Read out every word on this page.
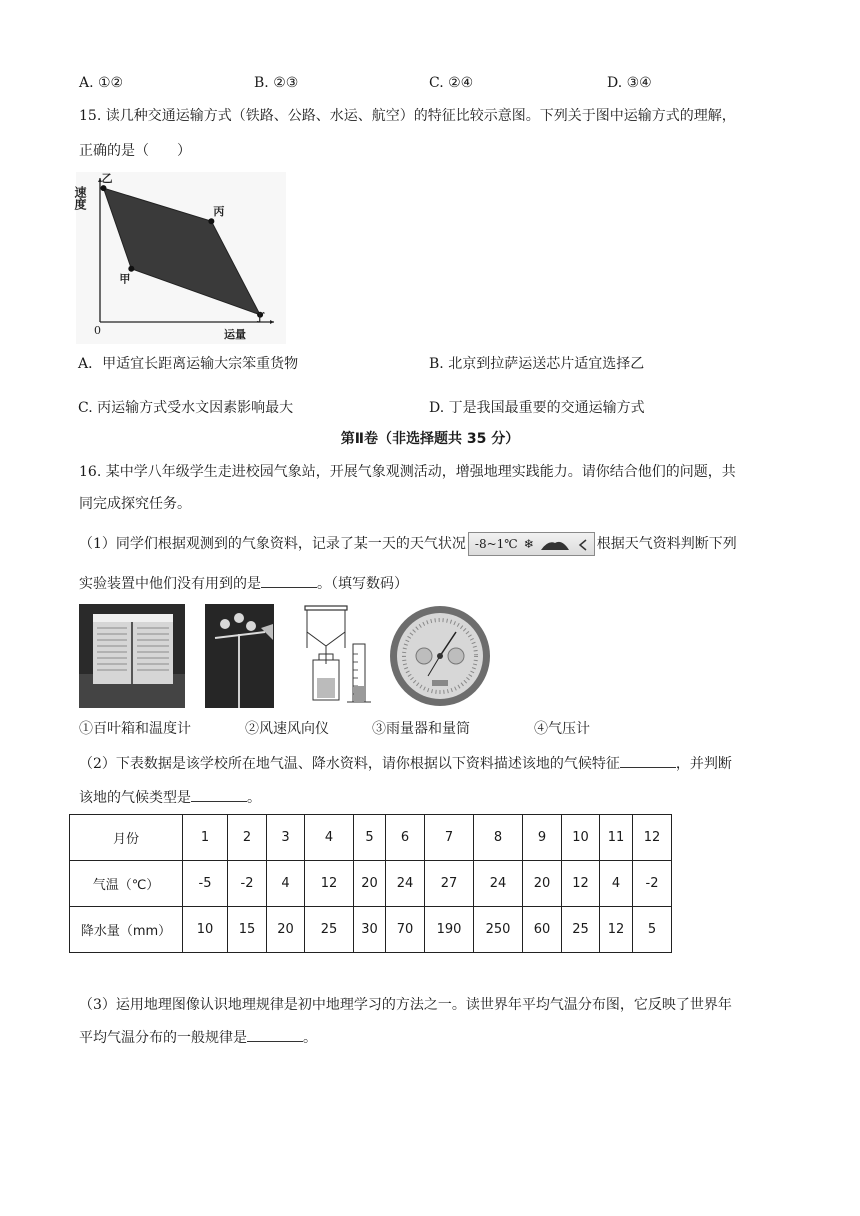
A. ①②	B. ②③	C. ②④	D. ③④
15. 读几种交通运输方式（铁路、公路、水运、航空）的特征比较示意图。下列关于图中运输方式的理解，
正确的是（　　）
乙
丙
甲
丁
速度
运量
0
A．甲适宜长距离运输大宗笨重货物	B. 北京到拉萨运送芯片适宜选择乙
C. 丙运输方式受水文因素影响最大	D. 丁是我国最重要的交通运输方式
第Ⅱ卷（非选择题共 35 分）
16. 某中学八年级学生走进校园气象站，开展气象观测活动，增强地理实践能力。请你结合他们的问题，共
同完成探究任务。
（1）同学们根据观测到的气象资料，记录了某一天的天气状况 -8~1℃ ❄	根据天气资料判断下列
实验装置中他们没有用到的是	。（填写数码）
①百叶箱和温度计	②风速风向仪	③雨量器和量筒	④气压计
（2）下表数据是该学校所在地气温、降水资料，请你根据以下资料描述该地的气候特征	，并判断
该地的气候类型是	。
月份	1	2	3	4	5	6	7	8	9	10	11	12
气温（℃）	-5	-2	4	12	20	24	27	24	20	12	4	-2
降水量（mm）	10	15	20	25	30	70	190	250	60	25	12	5
（3）运用地理图像认识地理规律是初中地理学习的方法之一。读世界年平均气温分布图，它反映了世界年
平均气温分布的一般规律是	。
